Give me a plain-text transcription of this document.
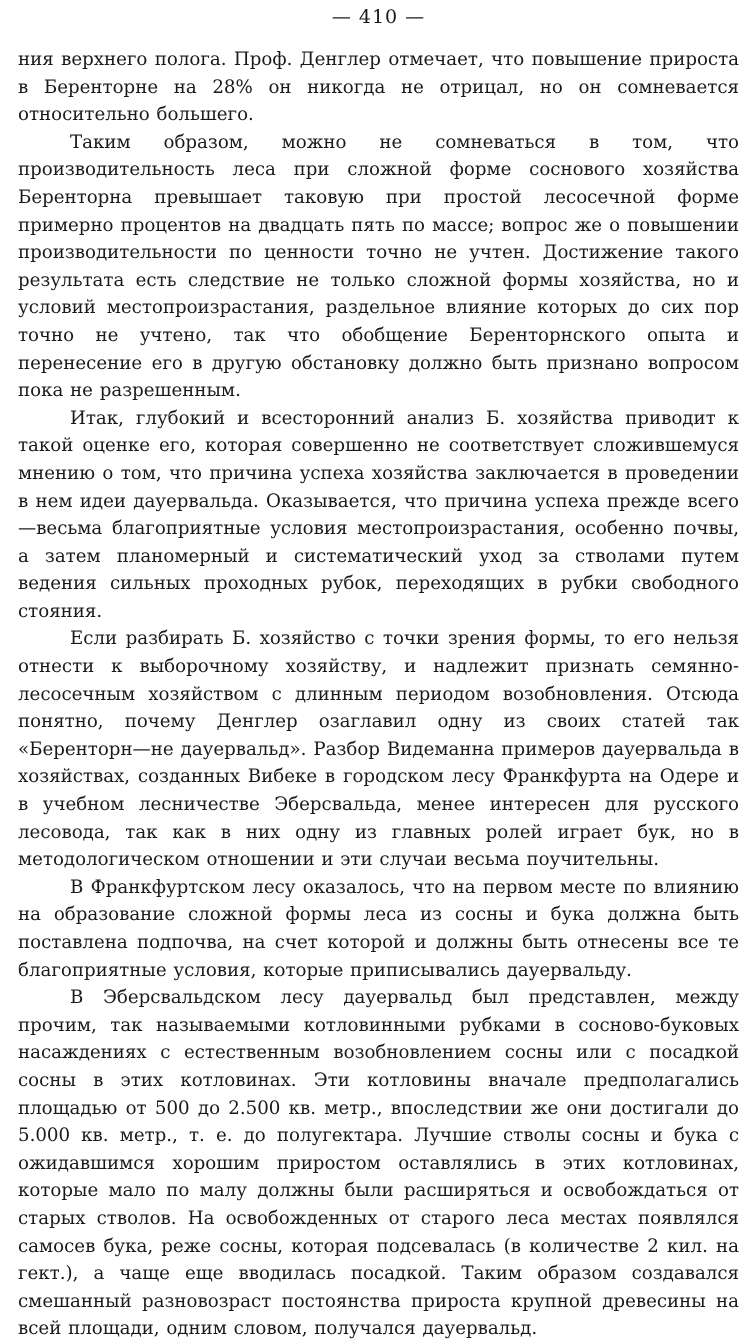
— 410 —

ния верхнего полога. Проф. Денглер отмечает, что повышение прироста в Беренторне на 28% он никогда не отрицал, но он сомневается относительно большего.

Таким образом, можно не сомневаться в том, что производительность леса при сложной форме соснового хозяйства Беренторна превышает таковую при простой лесосечной форме примерно процентов на двадцать пять по массе; вопрос же о повышении производительности по ценности точно не учтен. Достижение такого результата есть следствие не только сложной формы хозяйства, но и условий местопроизрастания, раздельное влияние которых до сих пор точно не учтено, так что обобщение Беренторнского опыта и перенесение его в другую обстановку должно быть признано вопросом пока не разрешенным.

Итак, глубокий и всесторонний анализ Б. хозяйства приводит к такой оценке его, которая совершенно не соответствует сложившемуся мнению о том, что причина успеха хозяйства заключается в проведении в нем идеи дауервальда. Оказывается, что причина успеха прежде всего—весьма благоприятные условия местопроизрастания, особенно почвы, а затем планомерный и систематический уход за стволами путем ведения сильных проходных рубок, переходящих в рубки свободного стояния.

Если разбирать Б. хозяйство с точки зрения формы, то его нельзя отнести к выборочному хозяйству, и надлежит признать семянно-лесосечным хозяйством с длинным периодом возобновления. Отсюда понятно, почему Денглер озаглавил одну из своих статей так «Беренторн—не дауервальд». Разбор Видеманна примеров дауервальда в хозяйствах, созданных Вибеке в городском лесу Франкфурта на Одере и в учебном лесничестве Эберсвальда, менее интересен для русского лесовода, так как в них одну из главных ролей играет бук, но в методологическом отношении и эти случаи весьма поучительны.

В Франкфуртском лесу оказалось, что на первом месте по влиянию на образование сложной формы леса из сосны и бука должна быть поставлена подпочва, на счет которой и должны быть отнесены все те благоприятные условия, которые приписывались дауервальду.

В Эберсвальдском лесу дауервальд был представлен, между прочим, так называемыми котловинными рубками в сосново-буковых насаждениях с естественным возобновлением сосны или с посадкой сосны в этих котловинах. Эти котловины вначале предполагались площадью от 500 до 2.500 кв. метр., впоследствии же они достигали до 5.000 кв. метр., т. е. до полугектара. Лучшие стволы сосны и бука с ожидавшимся хорошим приростом оставлялись в этих котловинах, которые мало по малу должны были расширяться и освобождаться от старых стволов. На освобожденных от старого леса местах появлялся самосев бука, реже сосны, которая подсевалась (в количестве 2 кил. на гект.), а чаще еще вводилась посадкой. Таким образом создавался смешанный разновозраст постоянства прироста крупной древесины на всей площади, одним словом, получался дауервальд.
